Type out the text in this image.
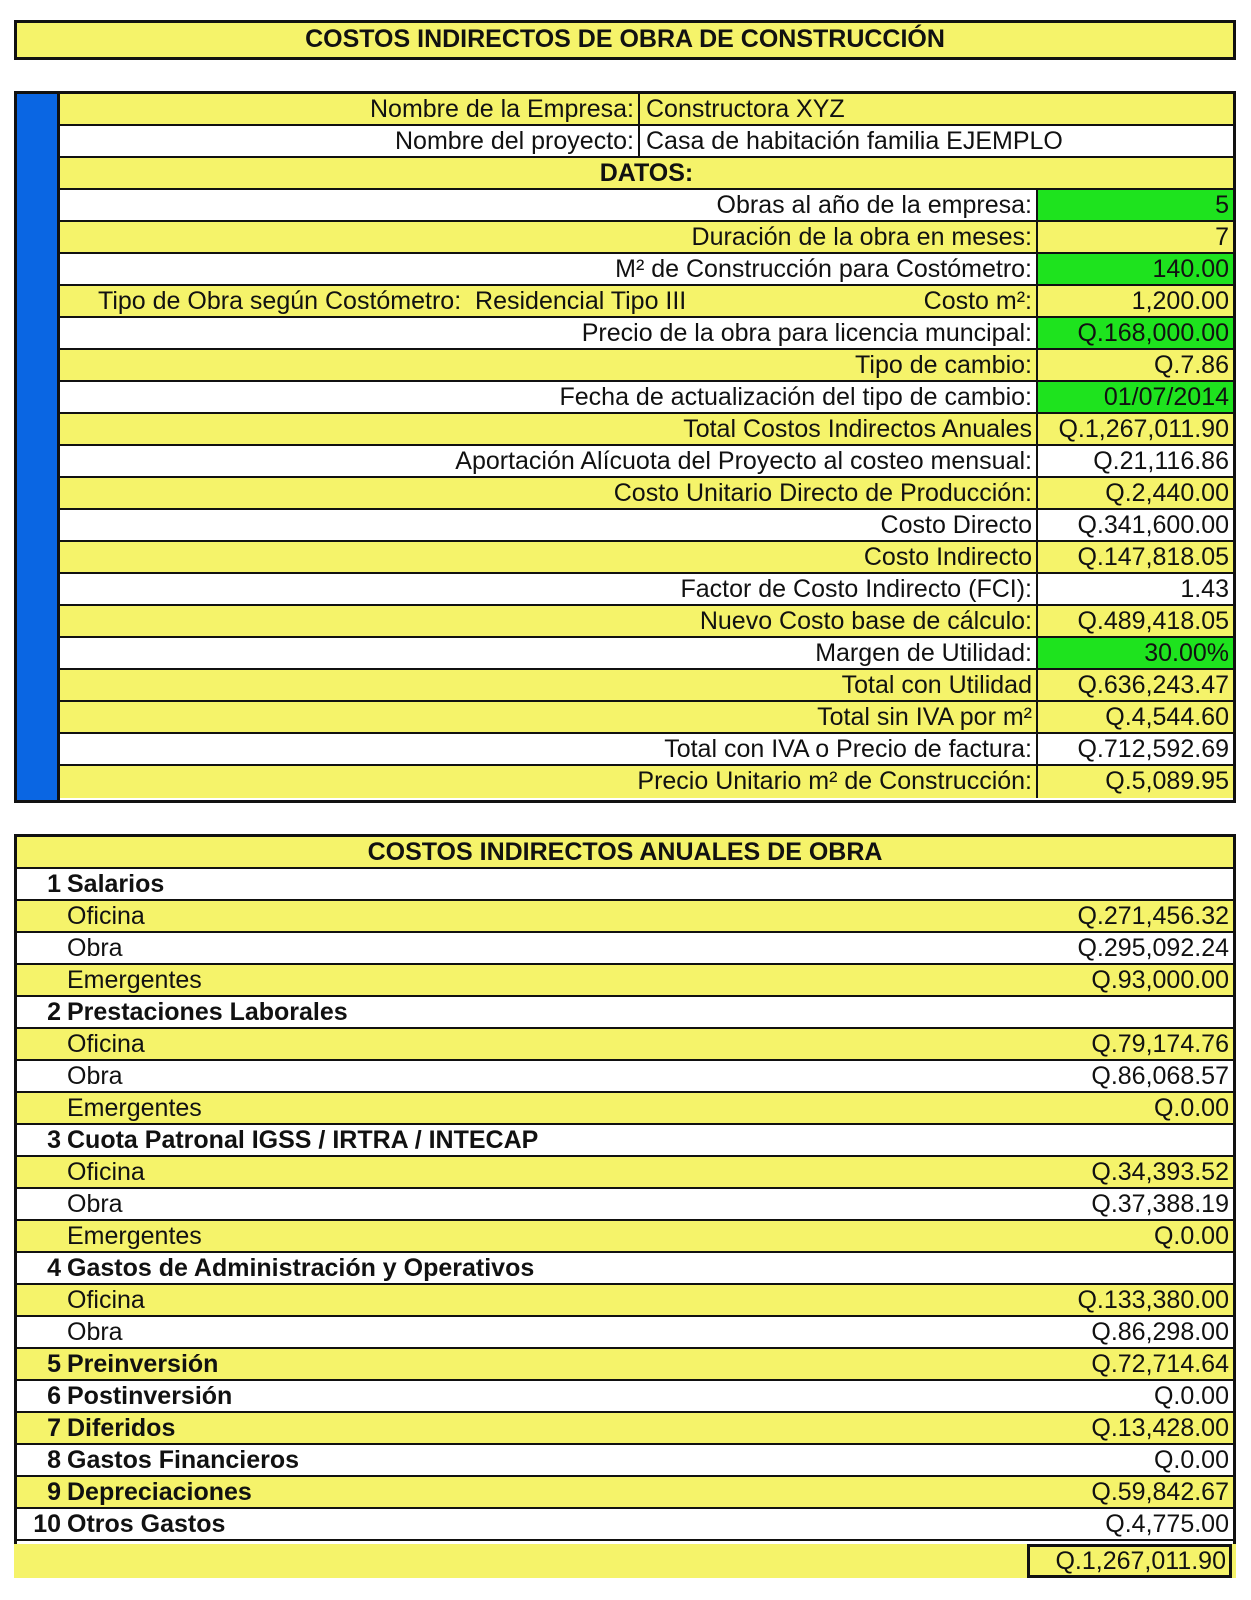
COSTOS INDIRECTOS DE OBRA DE CONSTRUCCIÓN
Nombre de la Empresa: Constructora XYZ
Nombre del proyecto: Casa de habitación familia EJEMPLO
DATOS:
Obras al año de la empresa:	5
Duración de la obra en meses:	7
M² de Construcción para Costómetro:	140.00
Tipo de Obra según Costómetro:  Residencial Tipo III	Costo m²:	1,200.00
Precio de la obra para licencia muncipal:	Q.168,000.00
Tipo de cambio:	Q.7.86
Fecha de actualización del tipo de cambio:	01/07/2014
Total Costos Indirectos Anuales	Q.1,267,011.90
Aportación Alícuota del Proyecto al costeo mensual:	Q.21,116.86
Costo Unitario Directo de Producción:	Q.2,440.00
Costo Directo	Q.341,600.00
Costo Indirecto	Q.147,818.05
Factor de Costo Indirecto (FCI):	1.43
Nuevo Costo base de cálculo:	Q.489,418.05
Margen de Utilidad:	30.00%
Total con Utilidad	Q.636,243.47
Total sin IVA por m²	Q.4,544.60
Total con IVA o Precio de factura:	Q.712,592.69
Precio Unitario m² de Construcción:	Q.5,089.95
COSTOS INDIRECTOS ANUALES DE OBRA
1 Salarios
Oficina	Q.271,456.32
Obra	Q.295,092.24
Emergentes	Q.93,000.00
2 Prestaciones Laborales
Oficina	Q.79,174.76
Obra	Q.86,068.57
Emergentes	Q.0.00
3 Cuota Patronal IGSS / IRTRA / INTECAP
Oficina	Q.34,393.52
Obra	Q.37,388.19
Emergentes	Q.0.00
4 Gastos de Administración y Operativos
Oficina	Q.133,380.00
Obra	Q.86,298.00
5 Preinversión	Q.72,714.64
6 Postinversión	Q.0.00
7 Diferidos	Q.13,428.00
8 Gastos Financieros	Q.0.00
9 Depreciaciones	Q.59,842.67
10 Otros Gastos	Q.4,775.00
Q.1,267,011.90
